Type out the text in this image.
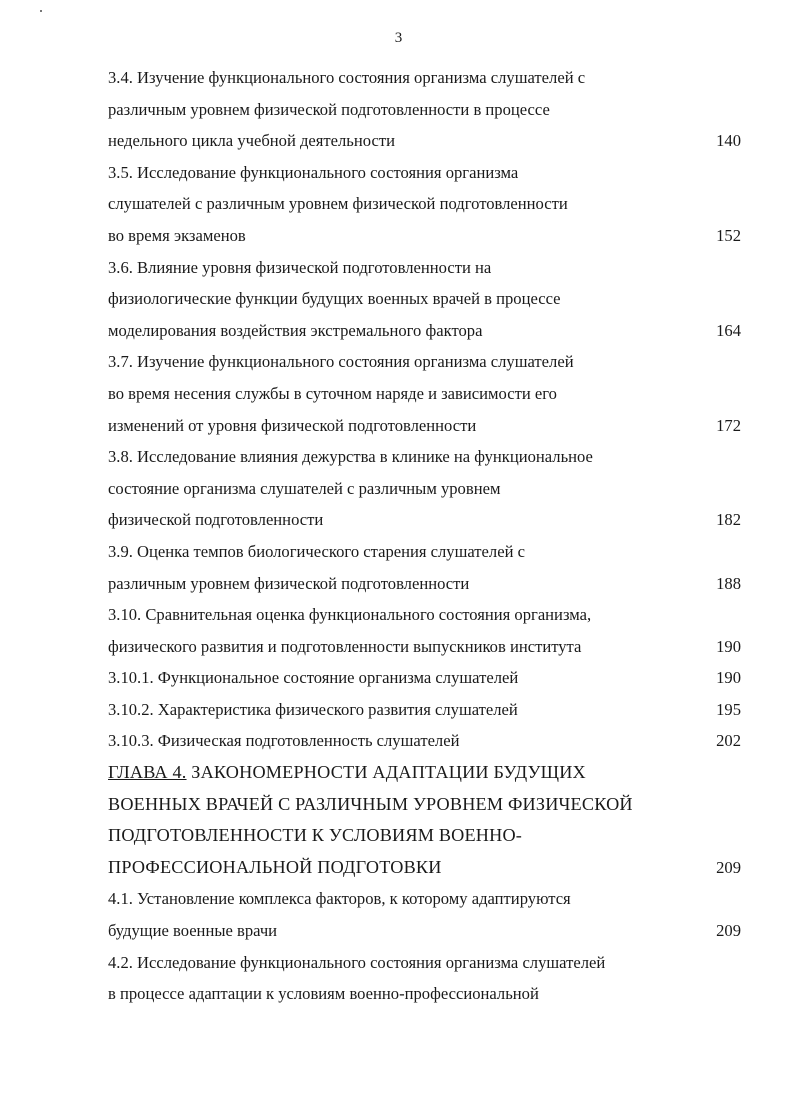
3
3.4. Изучение функционального состояния организма слушателей с
различным уровнем физической подготовленности в процессе
недельного цикла учебной деятельности	140
3.5. Исследование функционального состояния организма
слушателей с различным уровнем физической подготовленности
во время экзаменов	152
3.6. Влияние уровня физической подготовленности на
физиологические функции будущих военных врачей в процессе
моделирования воздействия экстремального фактора	164
3.7. Изучение функционального состояния организма слушателей
во время несения службы в суточном наряде и зависимости его
изменений от уровня физической подготовленности	172
3.8. Исследование влияния дежурства в клинике на функциональное
состояние организма слушателей с различным уровнем
физической подготовленности	182
3.9. Оценка темпов биологического старения слушателей с
различным уровнем физической подготовленности	188
3.10. Сравнительная оценка функционального состояния организма,
физического развития и подготовленности выпускников института	190
3.10.1. Функциональное состояние организма слушателей	190
3.10.2. Характеристика физического развития слушателей	195
3.10.3. Физическая подготовленность слушателей	202
ГЛАВА 4. ЗАКОНОМЕРНОСТИ АДАПТАЦИИ БУДУЩИХ
ВОЕННЫХ ВРАЧЕЙ С РАЗЛИЧНЫМ УРОВНЕМ ФИЗИЧЕСКОЙ
ПОДГОТОВЛЕННОСТИ К УСЛОВИЯМ ВОЕННО-
ПРОФЕССИОНАЛЬНОЙ ПОДГОТОВКИ	209
4.1. Установление комплекса факторов, к которому адаптируются
будущие военные врачи	209
4.2. Исследование функционального состояния организма слушателей
в процессе адаптации к условиям военно-профессиональной
